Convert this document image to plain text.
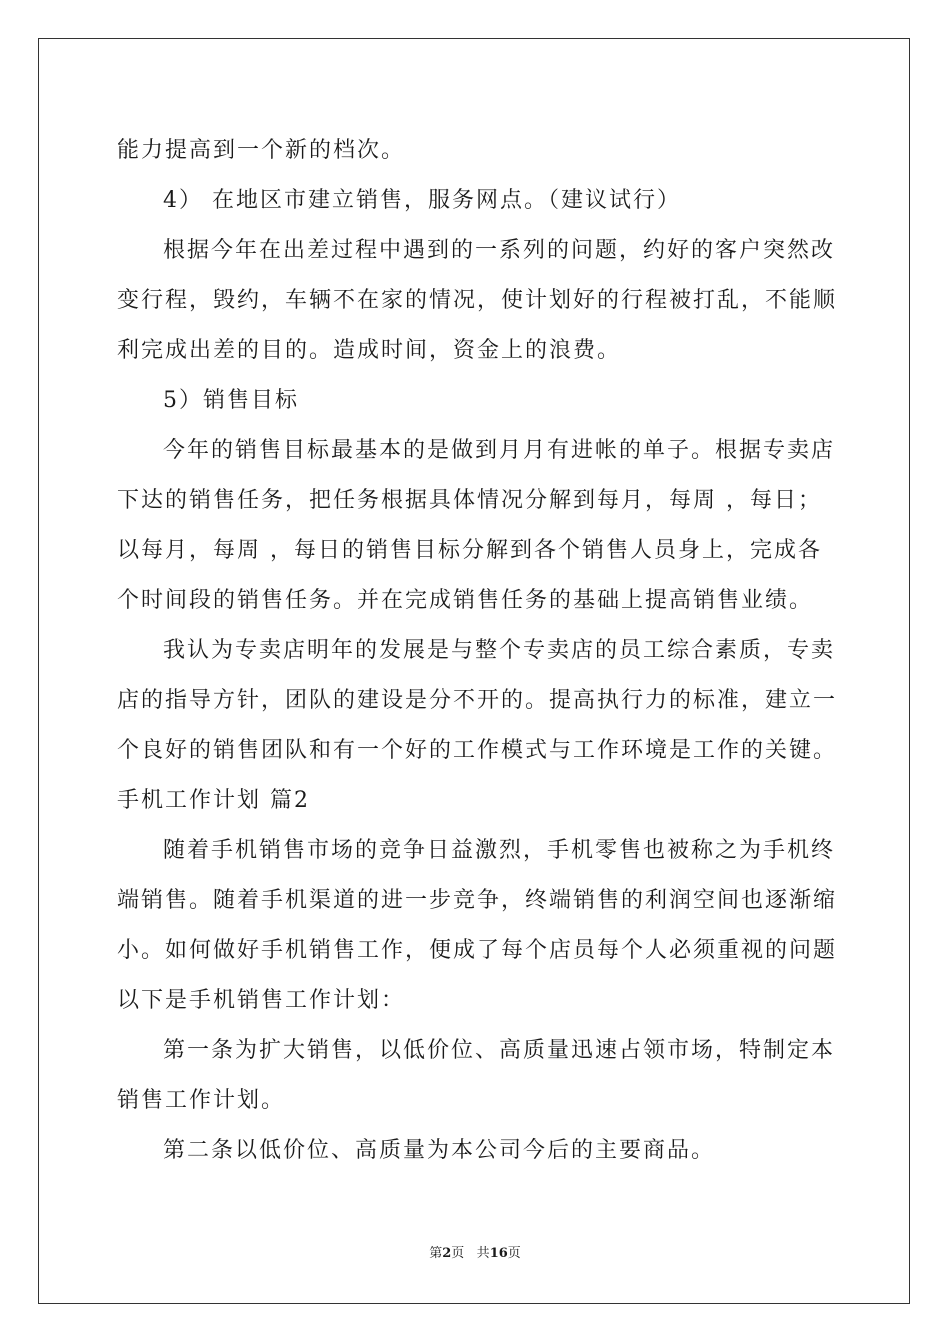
能力提高到一个新的档次。
4） 在地区市建立销售，服务网点。（建议试行）
根据今年在出差过程中遇到的一系列的问题，约好的客户突然改
变行程，毁约，车辆不在家的情况，使计划好的行程被打乱，不能顺
利完成出差的目的。造成时间，资金上的浪费。
5）销售目标
今年的销售目标最基本的是做到月月有进帐的单子。根据专卖店
下达的销售任务，把任务根据具体情况分解到每月，每周 ，每日；
以每月，每周 ，每日的销售目标分解到各个销售人员身上，完成各
个时间段的销售任务。并在完成销售任务的基础上提高销售业绩。
我认为专卖店明年的发展是与整个专卖店的员工综合素质，专卖
店的指导方针，团队的建设是分不开的。提高执行力的标准，建立一
个良好的销售团队和有一个好的工作模式与工作环境是工作的关键。
手机工作计划 篇2
随着手机销售市场的竞争日益激烈，手机零售也被称之为手机终
端销售。随着手机渠道的进一步竞争，终端销售的利润空间也逐渐缩
小。如何做好手机销售工作，便成了每个店员每个人必须重视的问题
以下是手机销售工作计划：
第一条为扩大销售，以低价位、高质量迅速占领市场，特制定本
销售工作计划。
第二条以低价位、高质量为本公司今后的主要商品。
第2页 共16页
